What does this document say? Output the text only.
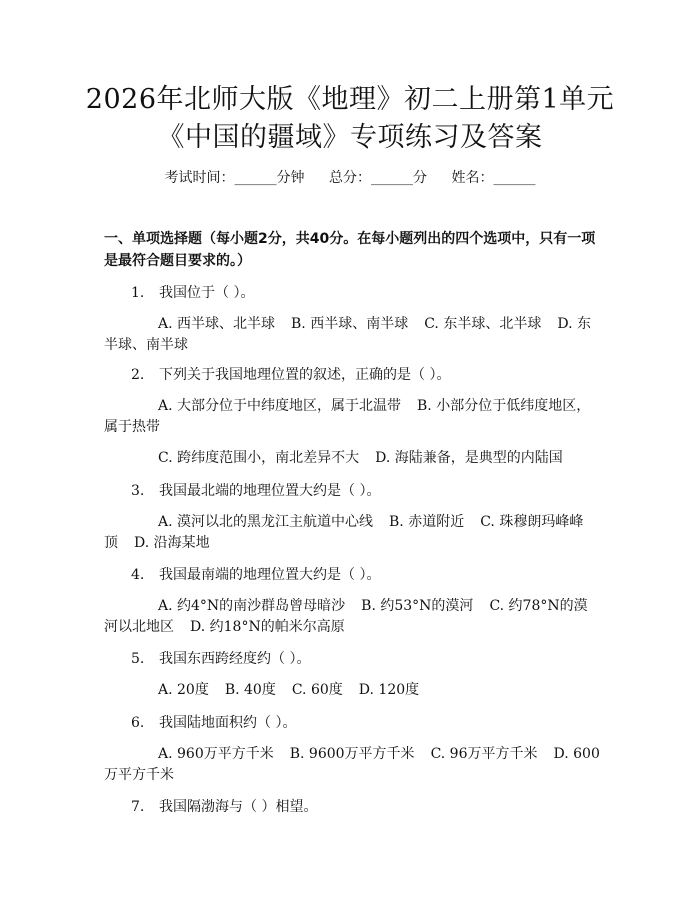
2026年北师大版《地理》初二上册第1单元
《中国的疆域》专项练习及答案
考试时间：______分钟 总分：______分 姓名：______
一、单项选择题（每小题2分，共40分。在每小题列出的四个选项中，只有一项是最符合题目要求的。）
1. 我国位于（ ）。
A. 西半球、北半球 B. 西半球、南半球 C. 东半球、北半球 D. 东半球、南半球
2. 下列关于我国地理位置的叙述，正确的是（ ）。
A. 大部分位于中纬度地区，属于北温带 B. 小部分位于低纬度地区，属于热带
C. 跨纬度范围小，南北差异不大 D. 海陆兼备，是典型的内陆国
3. 我国最北端的地理位置大约是（ ）。
A. 漠河以北的黑龙江主航道中心线 B. 赤道附近 C. 珠穆朗玛峰峰顶 D. 沿海某地
4. 我国最南端的地理位置大约是（ ）。
A. 约4°N的南沙群岛曾母暗沙 B. 约53°N的漠河 C. 约78°N的漠河以北地区 D. 约18°N的帕米尔高原
5. 我国东西跨经度约（ ）。
A. 20度 B. 40度 C. 60度 D. 120度
6. 我国陆地面积约（ ）。
A. 960万平方千米 B. 9600万平方千米 C. 96万平方千米 D. 600万平方千米
7. 我国隔渤海与（ ）相望。
